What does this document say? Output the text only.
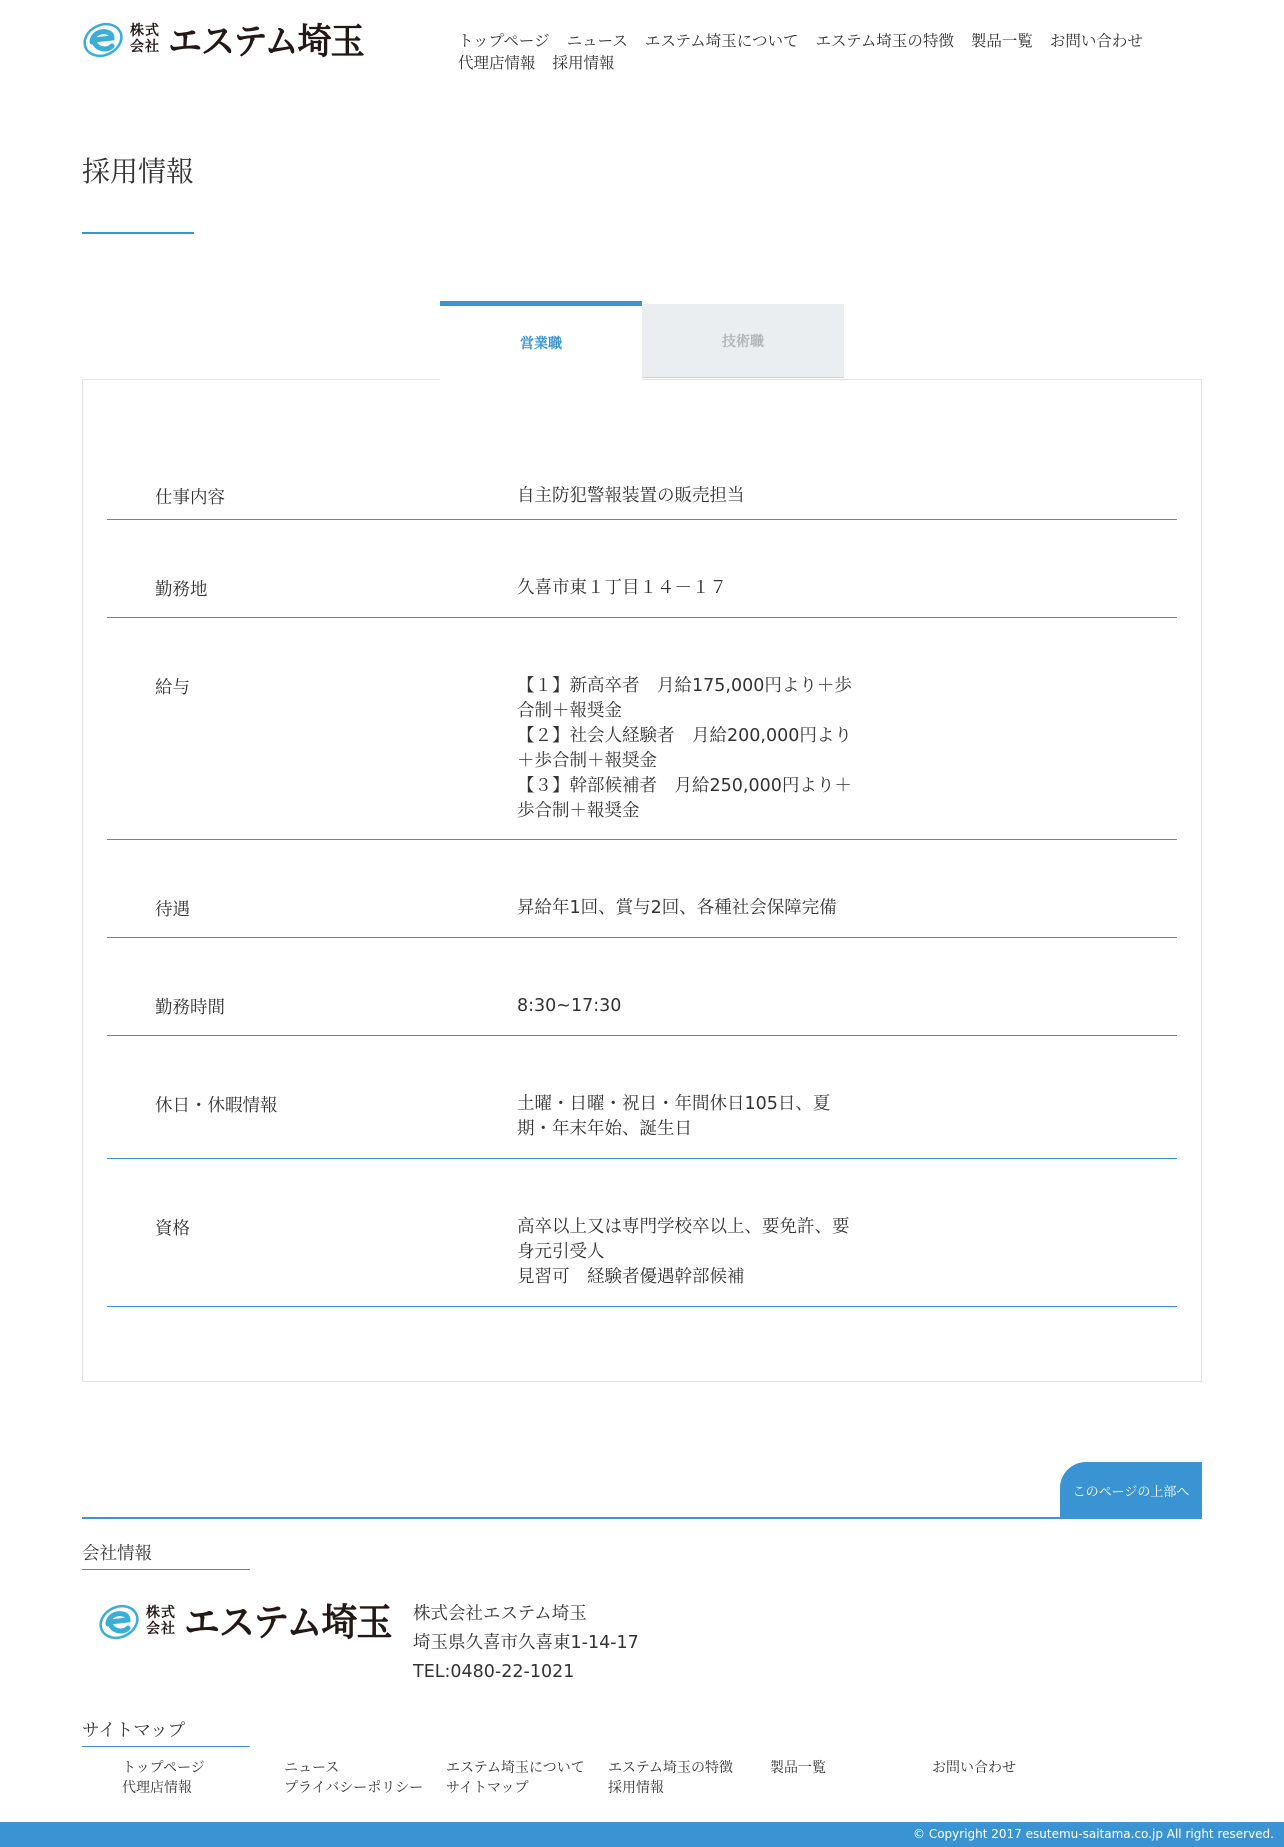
株式
会社 エステム埼玉	トップページ ニュース エステム埼玉について エステム埼玉の特徴 製品一覧 お問い合わせ
代理店情報 採用情報
採用情報
営業職	技術職
仕事内容	自主防犯警報装置の販売担当
勤務地	久喜市東１丁目１４－１７
給与	【１】新高卒者　月給175,000円より＋歩
合制＋報奨金
【２】社会人経験者　月給200,000円より
＋歩合制＋報奨金
【３】幹部候補者　月給250,000円より＋
歩合制＋報奨金
待遇	昇給年1回、賞与2回、各種社会保障完備
勤務時間	8:30~17:30
休日・休暇情報	土曜・日曜・祝日・年間休日105日、夏
期・年末年始、誕生日
資格	高卒以上又は専門学校卒以上、要免許、要
身元引受人
見習可　経験者優遇幹部候補
このページの上部へ
会社情報
株式
会社 エステム埼玉 株式会社エステム埼玉
埼玉県久喜市久喜東1-14-17
TEL:0480-22-1021
サイトマップ
トップページ	ニュース	エステム埼玉について	エステム埼玉の特徴	製品一覧	お問い合わせ
代理店情報	プライバシーポリシー	サイトマップ	採用情報
© Copyright 2017 esutemu-saitama.co.jp All right reserved.
